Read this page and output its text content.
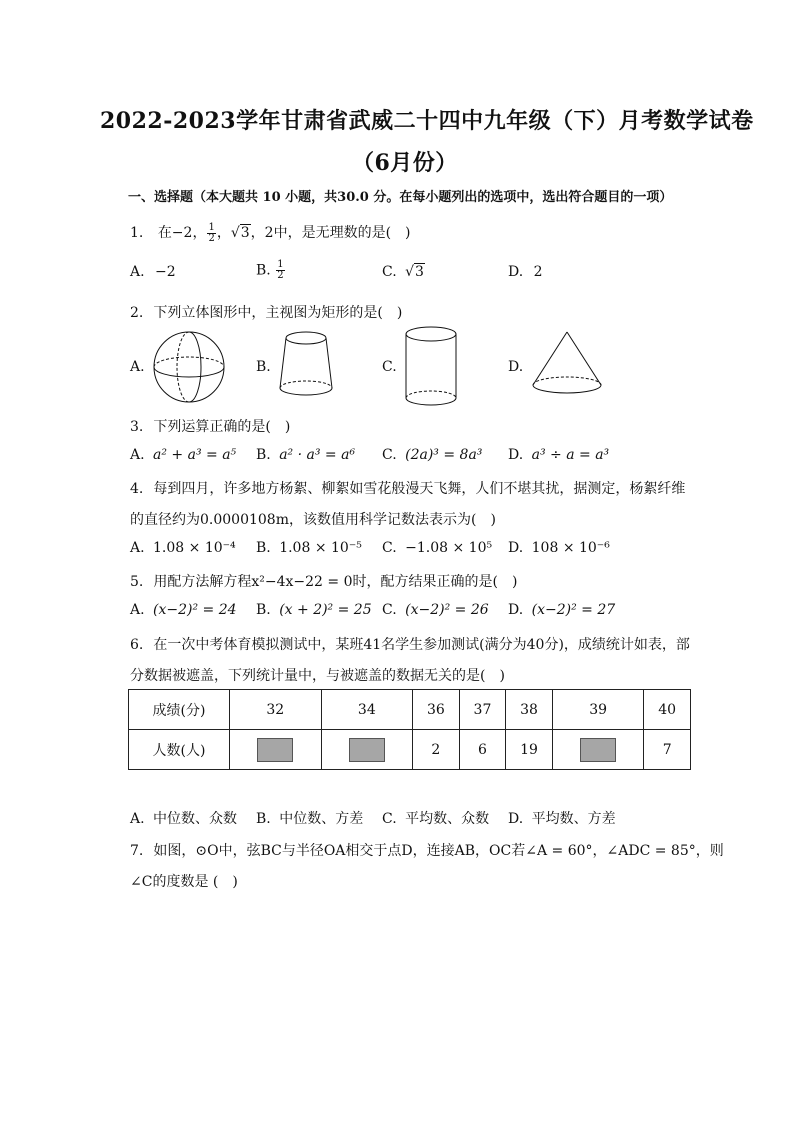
2022-2023学年甘肃省武威二十四中九年级（下）月考数学试卷
（6月份）
一、选择题（本大题共 10 小题，共30.0 分。在每小题列出的选项中，选出符合题目的一项）
1. 在−2， $\frac{1}{2}$ ，√3，2中，是无理数的是(　)
A. −2	B. $\frac{1}{2}$	C. √3	D. 2
2. 下列立体图形中，主视图为矩形的是(　)
A.	B.	C.	D.
3. 下列运算正确的是(　)
A. a² + a³ = a⁵ B. a² · a³ = a⁶ C. (2a)³ = 8a³ D. a³ ÷ a = a³
4. 每到四月，许多地方杨絮、柳絮如雪花般漫天飞舞，人们不堪其扰，据测定，杨絮纤维
的直径约为0.0000108m，该数值用科学记数法表示为(　)
A. 1.08 × 10⁻⁴ B. 1.08 × 10⁻⁵ C. −1.08 × 10⁵ D. 108 × 10⁻⁶
5. 用配方法解方程x²−4x−22 = 0时，配方结果正确的是(　)
A. (x−2)² = 24 B. (x + 2)² = 25 C. (x−2)² = 26 D. (x−2)² = 27
6. 在一次中考体育模拟测试中，某班41名学生参加测试(满分为40分)，成绩统计如表，部
分数据被遮盖，下列统计量中，与被遮盖的数据无关的是(　)
成绩(分)	32	34	36	37	38	39	40
人数(人)			2	6	19		7
A. 中位数、众数 B. 中位数、方差 C. 平均数、众数 D. 平均数、方差
7. 如图，⊙O中，弦BC与半径OA相交于点D，连接AB，OC若∠A = 60°，∠ADC = 85°，则
∠C的度数是 (　)
